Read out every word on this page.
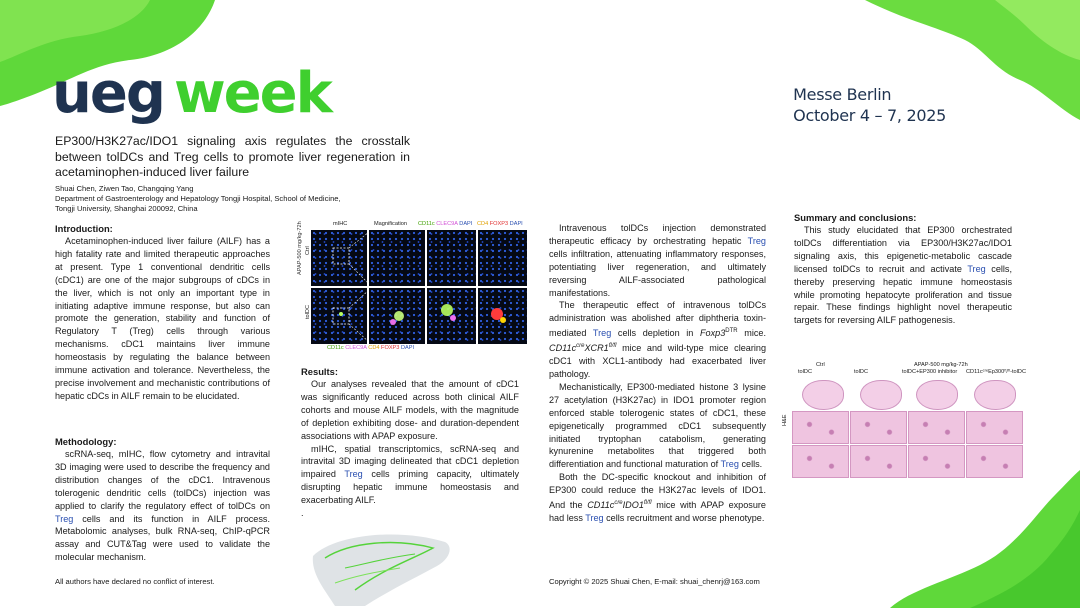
ueg week	Messe Berlin
October 4 – 7, 2025
EP300/H3K27ac/IDO1 signaling axis regulates the crosstalk between tolDCs and Treg cells to promote liver regeneration in acetaminophen-induced liver failure
Shuai Chen, Ziwen Tao, Changqing Yang
Department of Gastroenterology and Hepatology Tongji Hospital, School of Medicine,
Tongji University, Shanghai 200092, China
Introduction:

Acetaminophen-induced liver failure (AILF) has a high fatality rate and limited therapeutic approaches at present. Type 1 conventional dendritic cells (cDC1) are one of the major subgroups of cDCs in the liver, which is not only an important type in initiating adaptive immune response, but also can promote the generation, stability and function of Regulatory T (Treg) cells through various mechanisms. cDC1 maintains liver immune homeostasis by regulating the balance between immune activation and tolerance. Nevertheless, the precise involvement and mechanistic contributions of hepatic cDCs in AILF remain to be elucidated.

Methodology:

scRNA-seq, mIHC, flow cytometry and intravital 3D imaging were used to describe the frequency and distribution changes of the cDC1. Intravenous tolerogenic dendritic cells (tolDCs) injection was applied to clarify the regulatory effect of tolDCs on Treg cells and its function in AILF process. Metabolomic analyses, bulk RNA-seq, ChIP-qPCR assay and CUT&Tag were used to validate the molecular mechanism.

All authors have declared no conflict of interest.
mIHC	Magnification CD11c CLEC9A DAPI CD4 FOXP3 DAPI
APAP-500 mg/kg-72h Ctrl
tolDC
CD11c CLEC9A CD4 FOXP3 DAPI
Results:

Our analyses revealed that the amount of cDC1 was significantly reduced across both clinical AILF cohorts and mouse AILF models, with the magnitude of depletion exhibiting dose- and duration-dependent associations with APAP exposure.

mIHC, spatial transcriptomics, scRNA-seq and intravital 3D imaging delineated that cDC1 depletion impaired Treg cells priming capacity, ultimately disrupting hepatic immune homeostasis and exacerbating AILF.

.

Intravenous tolDCs injection demonstrated therapeutic efficacy by orchestrating hepatic Treg cells infiltration, attenuating inflammatory responses, potentiating liver regeneration, and ultimately reversing AILF-associated pathological manifestations.

The therapeutic effect of intravenous tolDCs administration was abolished after diphtheria toxin-mediated Treg cells depletion in $Foxp3^{DTR}$ mice. $CD11c^{cre}XCR1^{fl/fl}$ mice and wild-type mice clearing cDC1 with XCL1-antibody had exacerbated liver pathology.

Mechanistically, EP300-mediated histone 3 lysine 27 acetylation (H3K27ac) in IDO1 promoter region enforced stable tolerogenic states of cDC1, these epigenetically programmed cDC1 subsequently initiated tryptophan catabolism, generating kynurenine metabolites that triggered both differentiation and functional maturation of Treg cells.

Both the DC-specific knockout and inhibition of EP300 could reduce the H3K27ac levels of IDO1. And the $CD11c^{cre}IDO1^{fl/fl}$ mice with APAP exposure had less Treg cells recruitment and worse phenotype.

Copyright © 2025 Shuai Chen, E-mail: shuai_chenrj@163.com
Summary and conclusions:

This study elucidated that EP300 orchestrated tolDCs differentiation via EP300/H3K27ac/IDO1 signaling axis, this epigenetic-metabolic cascade licensed tolDCs to recruit and activate Treg cells, thereby preserving hepatic immune homeostasis while promoting hepatocyte proliferation and tissue repair. These findings highlight novel therapeutic targets for reversing AILF pathogenesis.

Ctrl	APAP-500 mg/kg-72h
tolDC	tolDC	tolDC+EP300 inhibitor CD11cᶜʳᵉEp300ᶠˡ/ᶠˡ-tolDC
H&E
